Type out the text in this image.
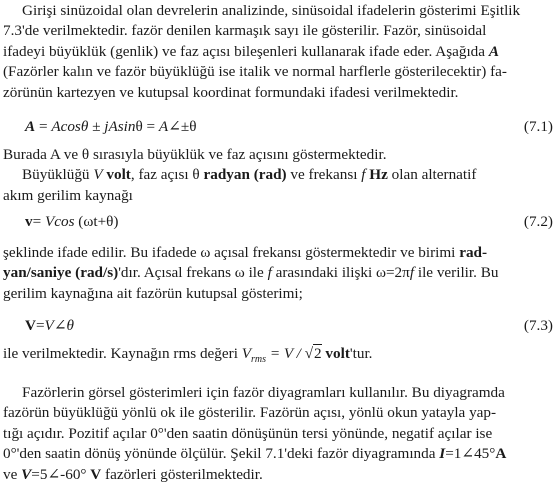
Girişi sinüzoidal olan devrelerin analizinde, sinüsoidal ifadelerin gösterimi Eşitlik

7.3'de verilmektedir. fazör denilen karmaşık sayı ile gösterilir. Fazör, sinüsoidal

ifadeyi büyüklük (genlik) ve faz açısı bileşenleri kullanarak ifade eder. Aşağıda A

(Fazörler kalın ve fazör büyüklüğü ise italik ve normal harflerle gösterilecektir) fa-

zörünün kartezyen ve kutupsal koordinat formundaki ifadesi verilmektedir.

A = Acosθ ± jAsinθ = A∠±θ	(7.1)

Burada A ve θ sırasıyla büyüklük ve faz açısını göstermektedir.

Büyüklüğü V volt, faz açısı θ radyan (rad) ve frekansı f Hz olan alternatif

akım gerilim kaynağı

v= Vcos (ωt+θ)	(7.2)

şeklinde ifade edilir. Bu ifadede ω açısal frekansı göstermektedir ve birimi rad-

yan/saniye (rad/s)'dır. Açısal frekans ω ile f arasındaki ilişki ω=2πf ile verilir. Bu

gerilim kaynağına ait fazörün kutupsal gösterimi;

V=V∠θ	(7.3)

ile verilmektedir. Kaynağın rms değeri $V_{rms} = V / √2$ volt'tur.

Fazörlerin görsel gösterimleri için fazör diyagramları kullanılır. Bu diyagramda

fazörün büyüklüğü yönlü ok ile gösterilir. Fazörün açısı, yönlü okun yatayla yap-

tığı açıdır. Pozitif açılar 0°'den saatin dönüşünün tersi yönünde, negatif açılar ise

0°'den saatin dönüş yönünde ölçülür. Şekil 7.1'deki fazör diyagramında I=1∠45°A

ve V=5∠-60° V fazörleri gösterilmektedir.
